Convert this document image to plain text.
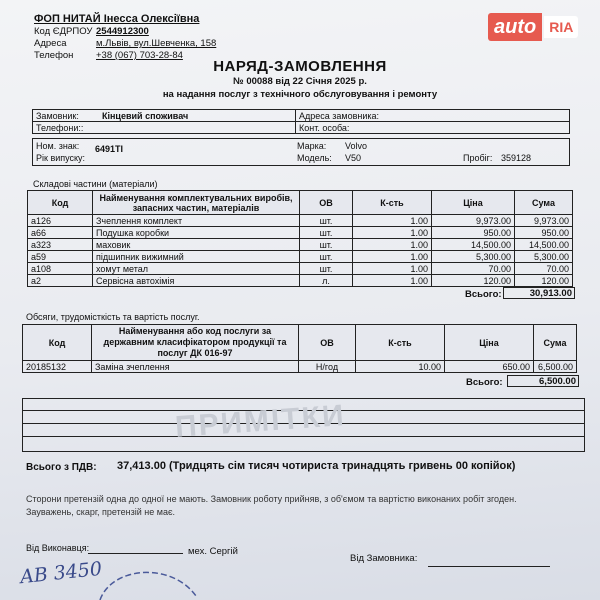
auto RIA
ФОП НИТАЙ Інесса Олексіївна
Код ЄДРПОУ 2544912300
Адреса	м.Львів, вул.Шевченка, 158
Телефон	+38 (067) 703-28-84
НАРЯД-ЗАМОВЛЕННЯ
№ 00088 від 22 Січня 2025 р.
на надання послуг з технічного обслуговування і ремонту
Замовник:	Кінцевий споживач	Адреса замовника:
Телефони::		Конт. особа:
Ном. знак: 6491ТІ
Рік випуску:
Марка: Volvo
Модель: V50	Пробіг: 359128
Складові частини (матеріали)
Код	Найменування комплектувальних виробів, запасних частин, матеріалів	ОВ	К-сть	Ціна	Сума
а126	Зчеплення комплект	шт.	1.00	9,973.00	9,973.00
а66	Подушка коробки	шт.	1.00	950.00	950.00
а323	маховик	шт.	1.00	14,500.00	14,500.00
а59	підшипник вижимний	шт.	1.00	5,300.00	5,300.00
а108	хомут метал	шт.	1.00	70.00	70.00
а2	Сервісна автохімія	л.	1.00	120.00	120.00
Всього:	30,913.00
Обсяги, трудомісткість та вартість послуг.
Код	Найменування або код послуги за державним класифікатором продукції та послуг ДК 016-97	ОВ	К-сть	Ціна	Сума
20185132	Заміна зчеплення	Н/год	10.00	650.00	6,500.00
Всього:	6,500.00
ПРИМІТКИ
Всього з ПДВ: 37,413.00 (Тридцять сім тисяч чотириста тринадцять гривень 00 копійок)
Сторони претензій одна до одної не мають. Замовник роботу прийняв, з об'ємом та вартістю виконаних робіт згоден.
Зауважень, скарг, претензій не має.
Від Виконавця:	мех. Сергій
Від Замовника:
AB 3450
